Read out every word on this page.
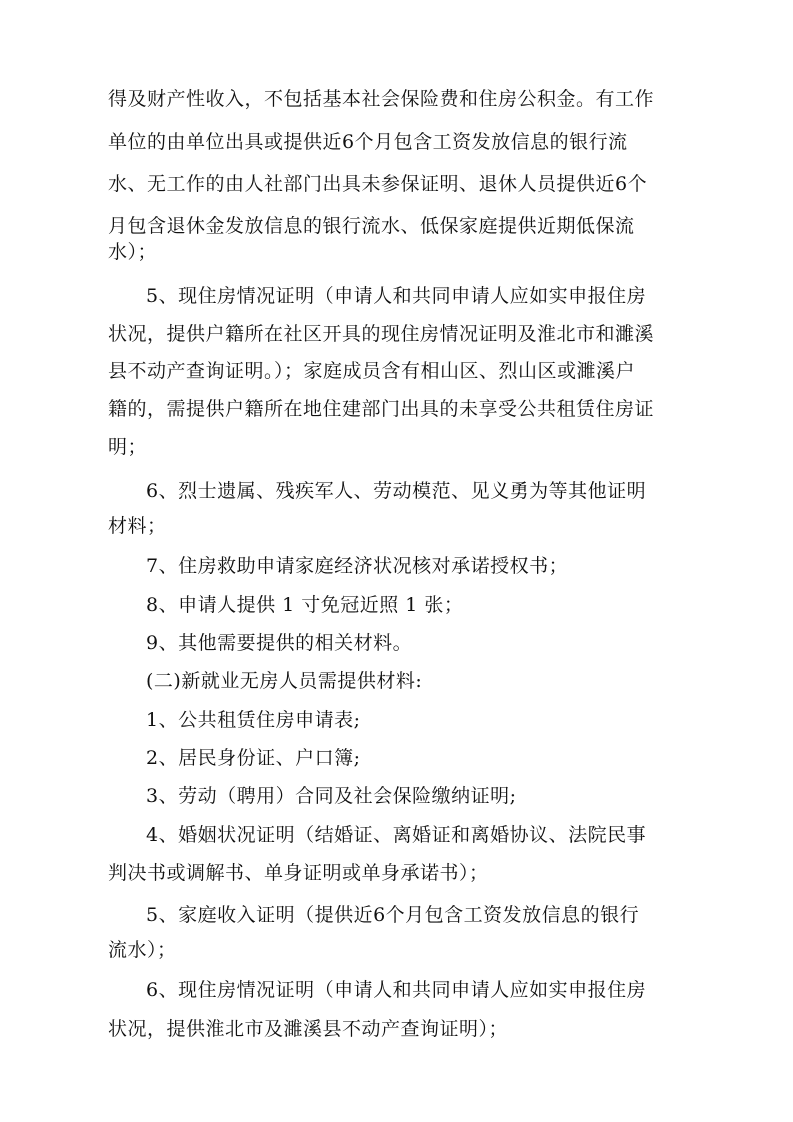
得及财产性收入，不包括基本社会保险费和住房公积金。有工作
单位的由单位出具或提供近6个月包含工资发放信息的银行流
水、无工作的由人社部门出具未参保证明、退休人员提供近6个
月包含退休金发放信息的银行流水、低保家庭提供近期低保流
水）；
5、现住房情况证明（申请人和共同申请人应如实申报住房
状况，提供户籍所在社区开具的现住房情况证明及淮北市和濉溪
县不动产查询证明。）；家庭成员含有相山区、烈山区或濉溪户
籍的，需提供户籍所在地住建部门出具的未享受公共租赁住房证
明；
6、烈士遗属、残疾军人、劳动模范、见义勇为等其他证明
材料；
7、住房救助申请家庭经济状况核对承诺授权书；
8、申请人提供 1 寸免冠近照 1 张；
9、其他需要提供的相关材料。
(二)新就业无房人员需提供材料:
1、公共租赁住房申请表;
2、居民身份证、户口簿;
3、劳动（聘用）合同及社会保险缴纳证明;
4、婚姻状况证明（结婚证、离婚证和离婚协议、法院民事
判决书或调解书、单身证明或单身承诺书）；
5、家庭收入证明（提供近6个月包含工资发放信息的银行
流水）；
6、现住房情况证明（申请人和共同申请人应如实申报住房
状况，提供淮北市及濉溪县不动产查询证明）；
